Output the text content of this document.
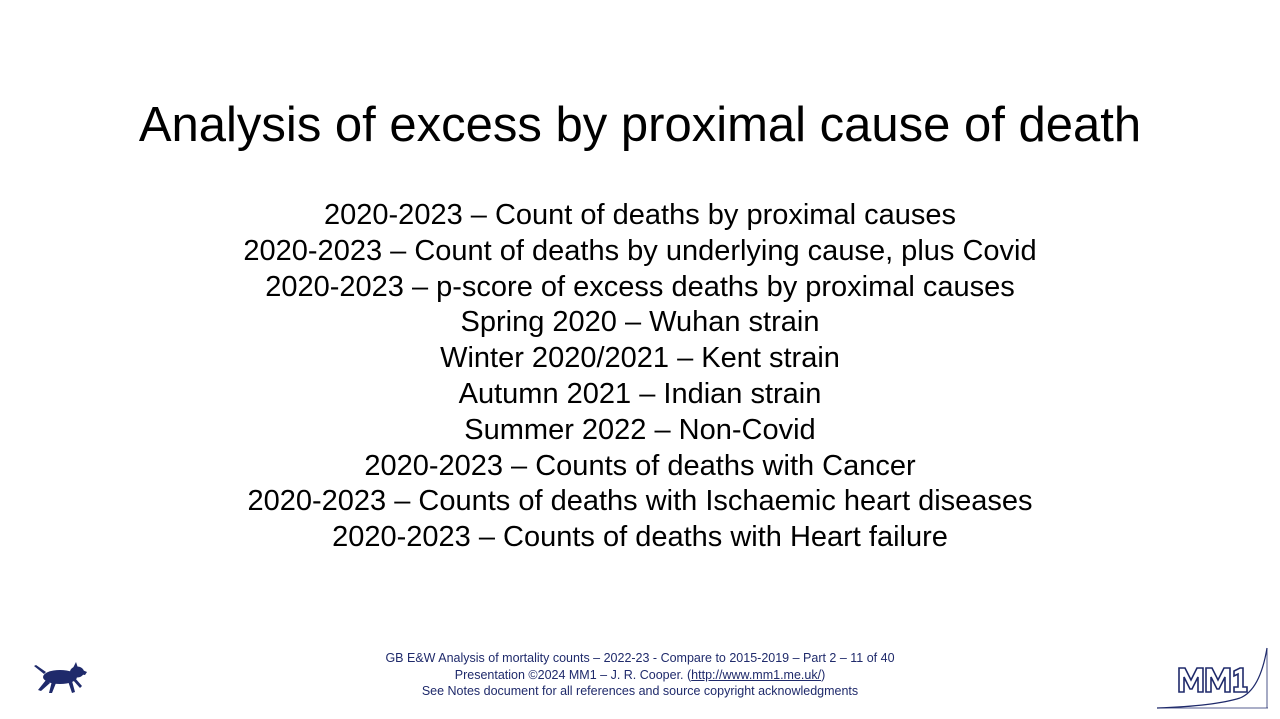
Analysis of excess by proximal cause of death
2020-2023 – Count of deaths by proximal causes
2020-2023 – Count of deaths by underlying cause, plus Covid
2020-2023 – p-score of excess deaths by proximal causes
Spring 2020 – Wuhan strain
Winter 2020/2021 – Kent strain
Autumn 2021 – Indian strain
Summer 2022 – Non-Covid
2020-2023 – Counts of deaths with Cancer
2020-2023 – Counts of deaths with Ischaemic heart diseases
2020-2023 – Counts of deaths with Heart failure
GB E&W Analysis of mortality counts – 2022-23 - Compare to 2015-2019 – Part 2 – 11 of 40
Presentation ©2024 MM1 – J. R. Cooper. (http://www.mm1.me.uk/)
See Notes document for all references and source copyright acknowledgments
